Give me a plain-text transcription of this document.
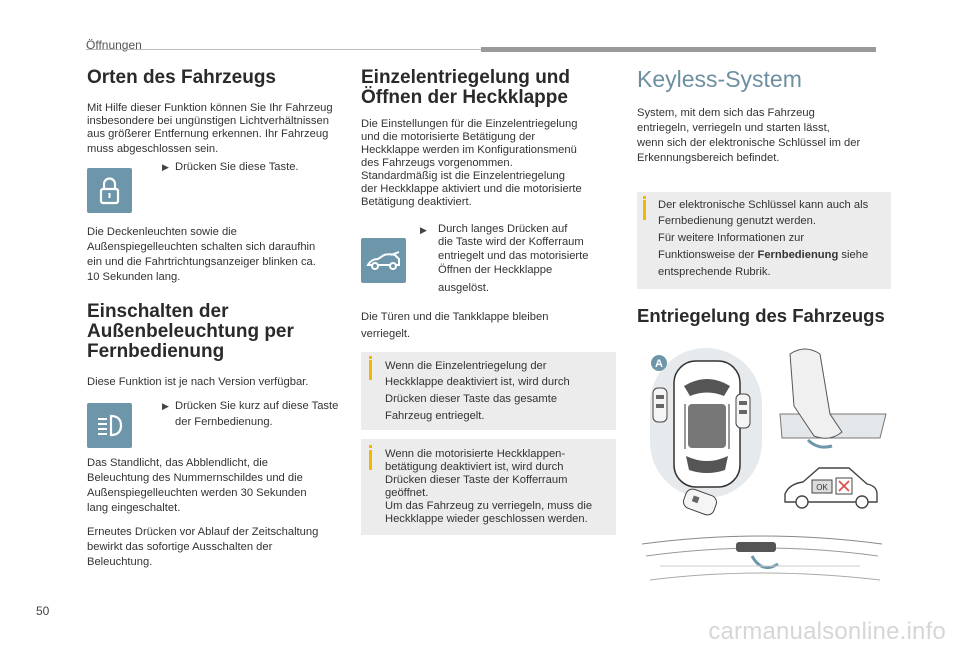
Öffnungen
Orten des Fahrzeugs

Mit Hilfe dieser Funktion können Sie Ihr Fahrzeug

insbesondere bei ungünstigen Lichtverhältnissen

aus größerer Entfernung erkennen. Ihr Fahrzeug

muss abgeschlossen sein.

▶ Drücken Sie diese Taste.

Die Deckenleuchten sowie die

Außenspiegelleuchten schalten sich daraufhin

ein und die Fahrtrichtungsanzeiger blinken ca.

10 Sekunden lang.

Einschalten der
Außenbeleuchtung per
Fernbedienung

Diese Funktion ist je nach Version verfügbar.

▶ Drücken Sie kurz auf diese Taste
der Fernbedienung.

Das Standlicht, das Abblendlicht, die

Beleuchtung des Nummernschildes und die

Außenspiegelleuchten werden 30 Sekunden

lang eingeschaltet.

Erneutes Drücken vor Ablauf der Zeitschaltung

bewirkt das sofortige Ausschalten der

Beleuchtung.

Einzelentriegelung und
Öffnen der Heckklappe

Die Einstellungen für die Einzelentriegelung

und die motorisierte Betätigung der

Heckklappe werden im Konfigurationsmenü

des Fahrzeugs vorgenommen.

Standardmäßig ist die Einzelentriegelung

der Heckklappe aktiviert und die motorisierte

Betätigung deaktiviert.

▶ Durch langes Drücken auf
die Taste wird der Kofferraum
entriegelt und das motorisierte
Öffnen der Heckklappe
ausgelöst.

Die Türen und die Tankklappe bleiben

verriegelt.

Wenn die Einzelentriegelung der

Heckklappe deaktiviert ist, wird durch

Drücken dieser Taste das gesamte

Fahrzeug entriegelt.

Wenn die motorisierte Heckklappen-

betätigung deaktiviert ist, wird durch

Drücken dieser Taste der Kofferraum

geöffnet.

Um das Fahrzeug zu verriegeln, muss die

Heckklappe wieder geschlossen werden.

Keyless-System

System, mit dem sich das Fahrzeug

entriegeln, verriegeln und starten lässt,

wenn sich der elektronische Schlüssel im der

Erkennungsbereich befindet.

Der elektronische Schlüssel kann auch als

Fernbedienung genutzt werden.

Für weitere Informationen zur

Funktionsweise der Fernbedienung siehe

entsprechende Rubrik.

Entriegelung des Fahrzeugs
A
OK
50
carmanualsonline.info
